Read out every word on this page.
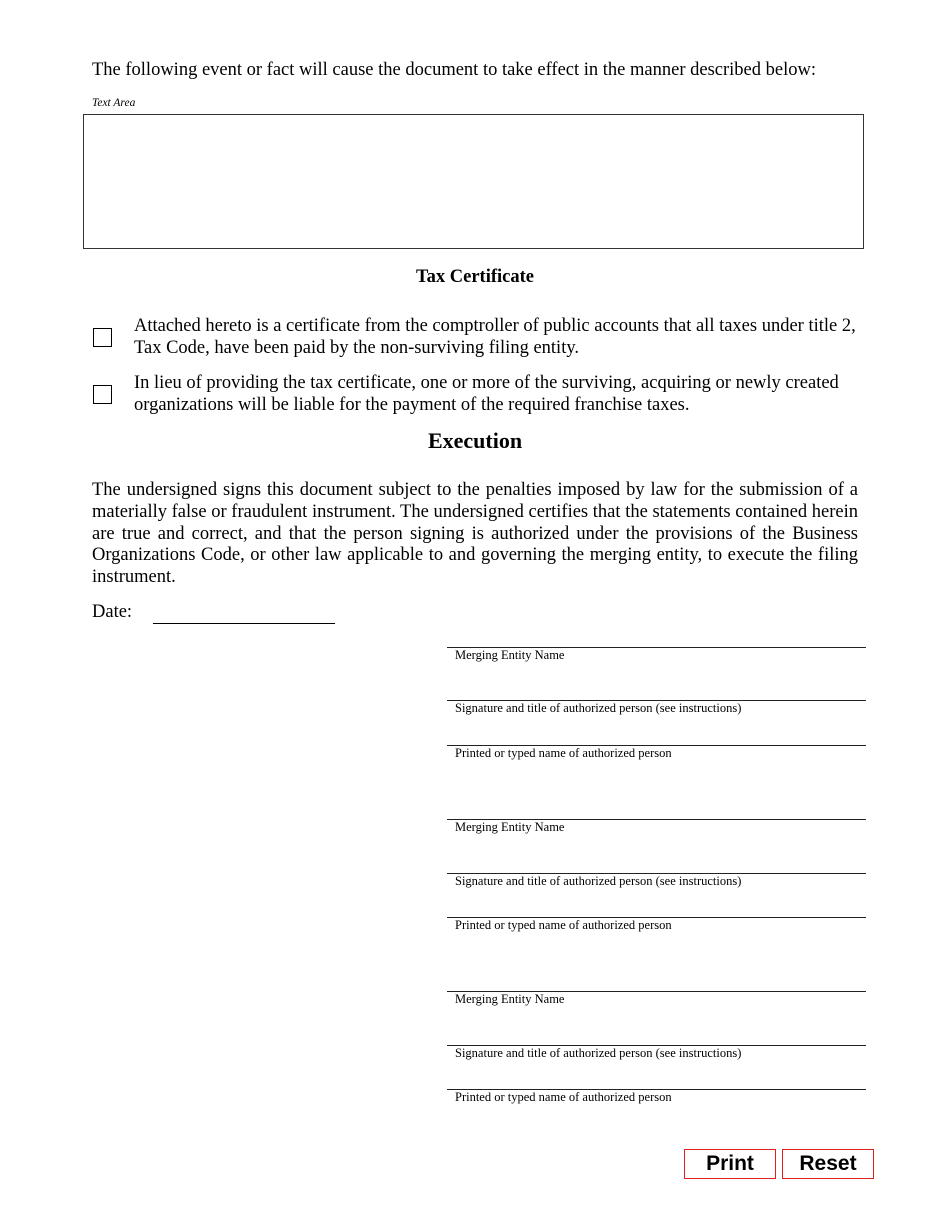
The following event or fact will cause the document to take effect in the manner described below:
Text Area
Tax Certificate
Attached hereto is a certificate from the comptroller of public accounts that all taxes under title 2, Tax Code, have been paid by the non-surviving filing entity.
In lieu of providing the tax certificate, one or more of the surviving, acquiring or newly created organizations will be liable for the payment of the required franchise taxes.
Execution
The undersigned signs this document subject to the penalties imposed by law for the submission of a materially false or fraudulent instrument. The undersigned certifies that the statements contained herein are true and correct, and that the person signing is authorized under the provisions of the Business Organizations Code, or other law applicable to and governing the merging entity, to execute the filing instrument.
Date:
Merging Entity Name
Signature and title of authorized person (see instructions)
Printed or typed name of authorized person
Merging Entity Name
Signature and title of authorized person (see instructions)
Printed or typed name of authorized person
Merging Entity Name
Signature and title of authorized person (see instructions)
Printed or typed name of authorized person
Print	Reset
